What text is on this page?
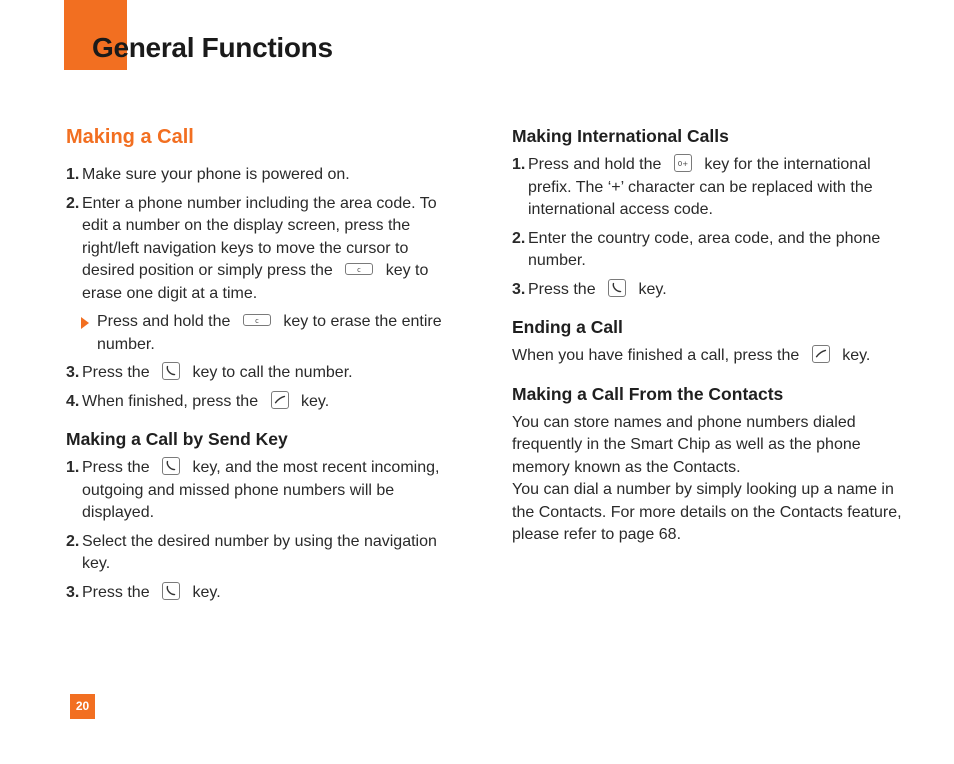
General Functions
Making a Call

1. Make sure your phone is powered on.

2. Enter a phone number including the area code. To edit a number on the display screen, press the right/left navigation keys to move the cursor to desired position or simply press the	c key to erase one digit at a time.

Press and hold the	c key to erase the entire number.

3. Press the	key to call the number.

4. When finished, press the	key.

Making a Call by Send Key

1. Press the	key, and the most recent incoming, outgoing and missed phone numbers will be displayed.

2. Select the desired number by using the navigation key.

3. Press the	key.

Making International Calls

1. Press and hold the 0+ key for the international prefix. The ‘+’ character can be replaced with the international access code.

2. Enter the country code, area code, and the phone number.

3. Press the	key.

Ending a Call

When you have finished a call, press the	key.

Making a Call From the Contacts

You can store names and phone numbers dialed frequently in the Smart Chip as well as the phone memory known as the Contacts.

You can dial a number by simply looking up a name in the Contacts. For more details on the Contacts feature, please refer to page 68.

20
